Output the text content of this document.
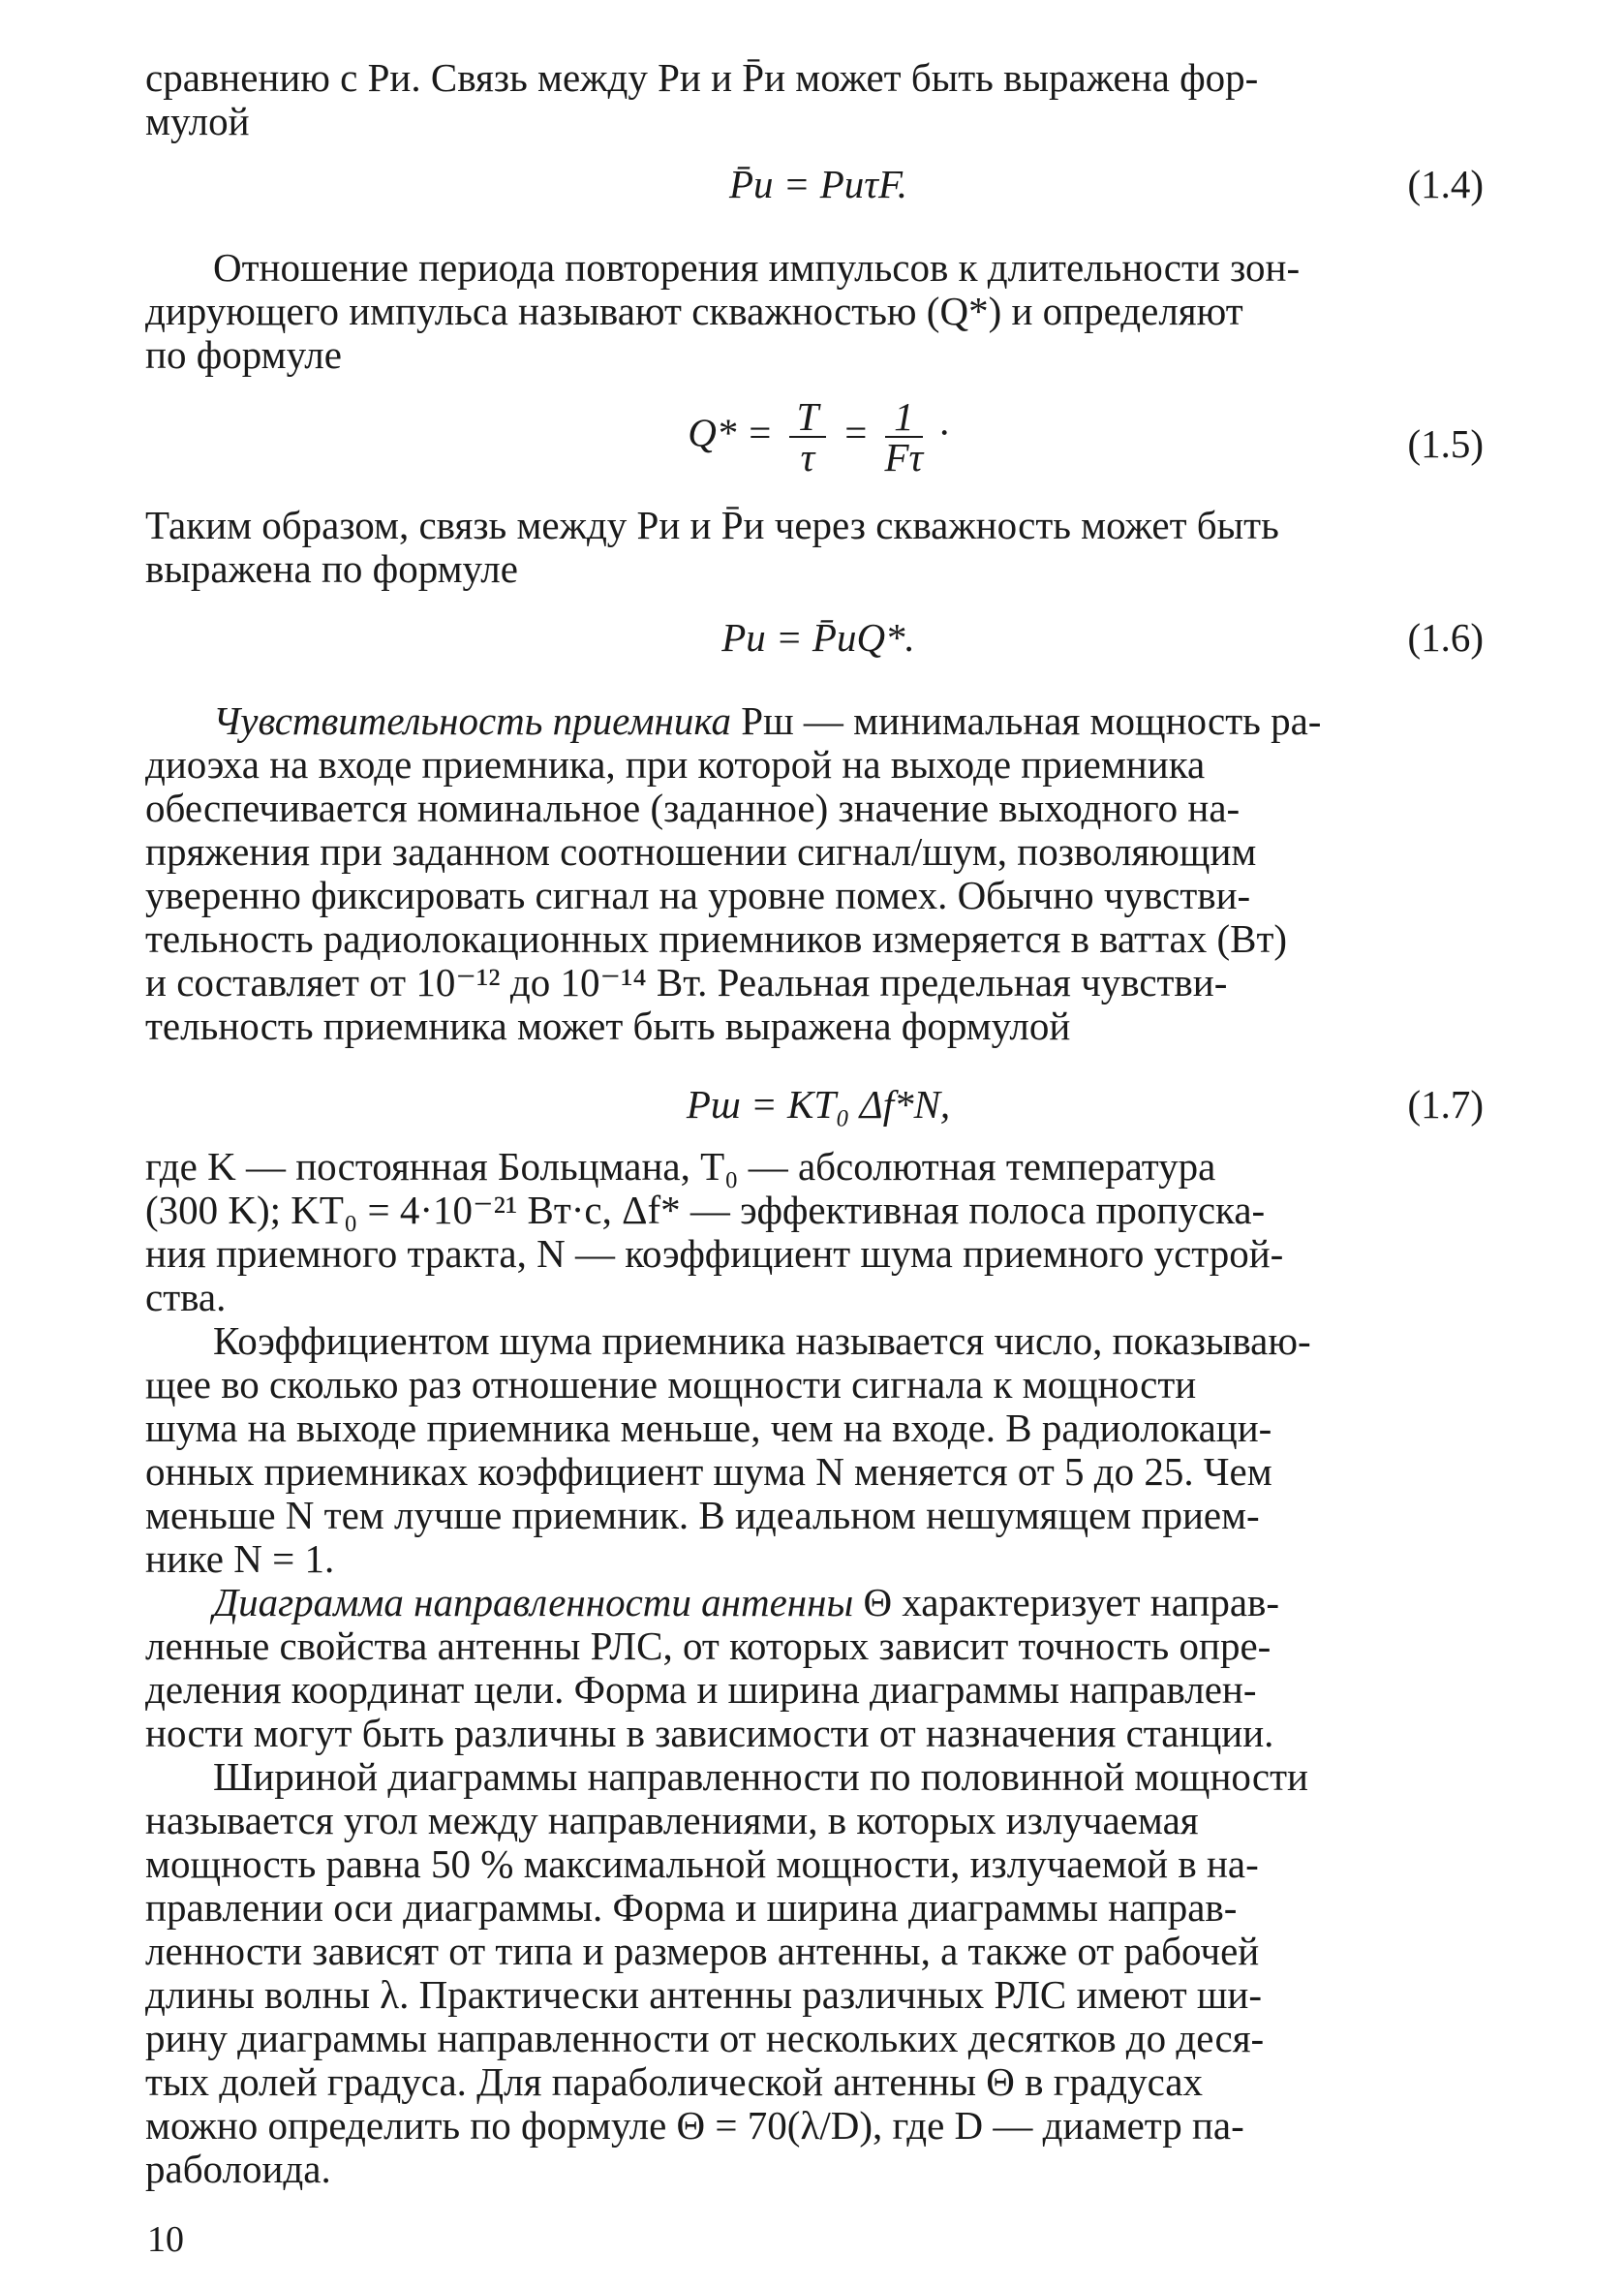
сравнению с Pи. Связь между Pи и P̄и может быть выражена фор-
мулой
P̄и = PиτF.	(1.4)
Отношение периода повторения импульсов к длительности зон-
дирующего импульса называют скважностью (Q*) и определяют
по формуле
$Q* = \frac{T}{\tau} = \frac{1}{F\tau}$ ·	(1.5)
Таким образом, связь между Pи и P̄и через скважность может быть
выражена по формуле
Pи = P̄иQ*.	(1.6)
Чувствительность приемника Pш — минимальная мощность ра-
диоэха на входе приемника, при которой на выходе приемника
обеспечивается номинальное (заданное) значение выходного на-
пряжения при заданном соотношении сигнал/шум, позволяющим
уверенно фиксировать сигнал на уровне помех. Обычно чувстви-
тельность радиолокационных приемников измеряется в ваттах (Вт)
и составляет от 10⁻¹² до 10⁻¹⁴ Вт. Реальная предельная чувстви-
тельность приемника может быть выражена формулой
Pш = KT₀ Δf*N,	(1.7)
где K — постоянная Больцмана, T₀ — абсолютная температура
(300 K); KT₀ = 4·10⁻²¹ Вт·с, Δf* — эффективная полоса пропуска-
ния приемного тракта, N — коэффициент шума приемного устрой-
ства.
Коэффициентом шума приемника называется число, показываю-
щее во сколько раз отношение мощности сигнала к мощности
шума на выходе приемника меньше, чем на входе. В радиолокаци-
онных приемниках коэффициент шума N меняется от 5 до 25. Чем
меньше N тем лучше приемник. В идеальном нешумящем прием-
нике N = 1.
Диаграмма направленности антенны Θ характеризует направ-
ленные свойства антенны РЛС, от которых зависит точность опре-
деления координат цели. Форма и ширина диаграммы направлен-
ности могут быть различны в зависимости от назначения станции.
Шириной диаграммы направленности по половинной мощности
называется угол между направлениями, в которых излучаемая
мощность равна 50 % максимальной мощности, излучаемой в на-
правлении оси диаграммы. Форма и ширина диаграммы направ-
ленности зависят от типа и размеров антенны, а также от рабочей
длины волны λ. Практически антенны различных РЛС имеют ши-
рину диаграммы направленности от нескольких десятков до деся-
тых долей градуса. Для параболической антенны Θ в градусах
можно определить по формуле Θ = 70(λ/D), где D — диаметр па-
раболоида.
10
